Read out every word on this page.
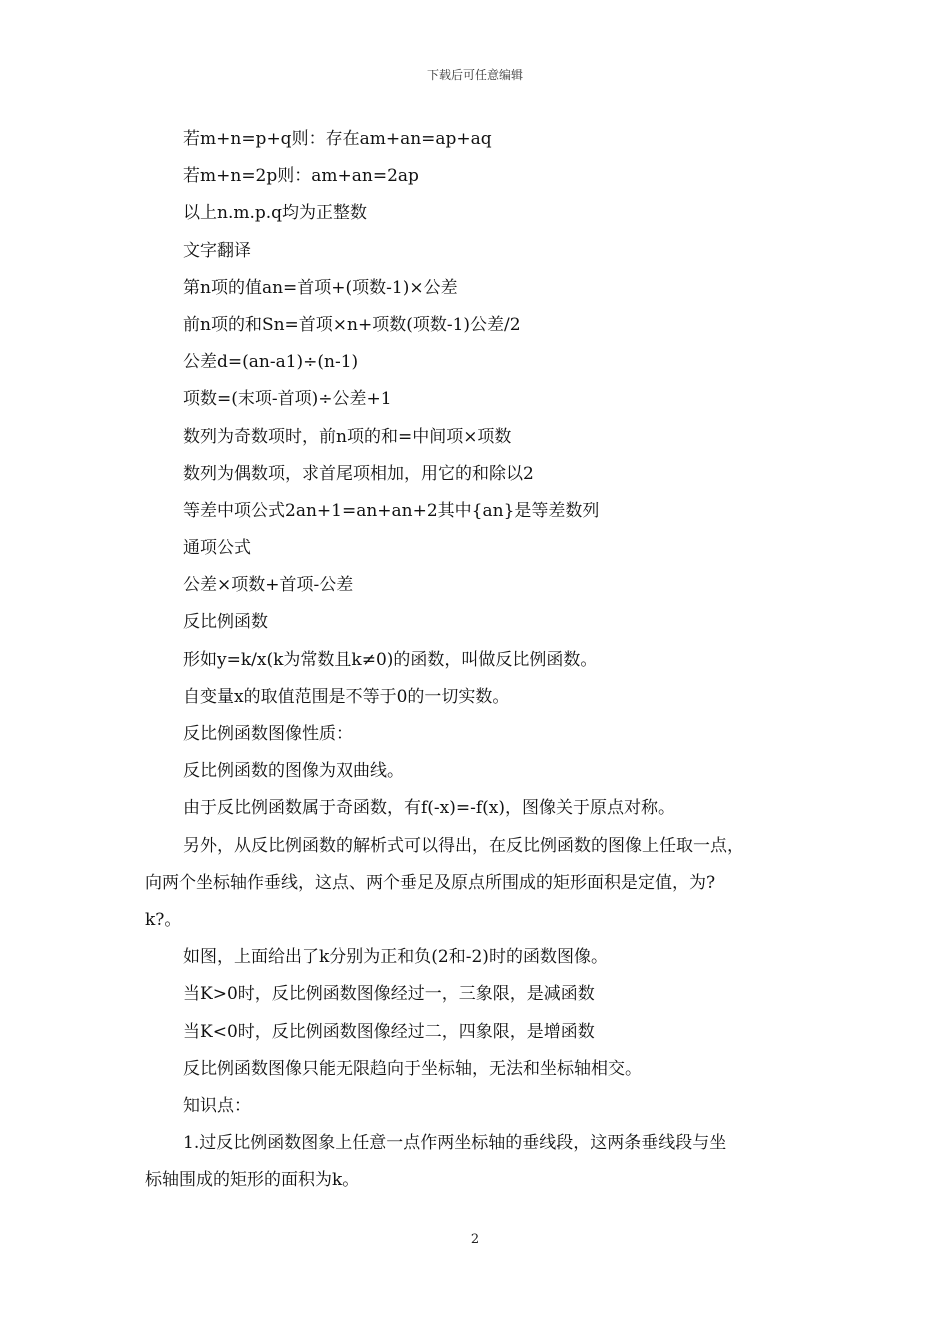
下载后可任意编辑
若m+n=p+q则：存在am+an=ap+aq
若m+n=2p则：am+an=2ap
以上n.m.p.q均为正整数
文字翻译
第n项的值an=首项+(项数-1)×公差
前n项的和Sn=首项×n+项数(项数-1)公差/2
公差d=(an-a1)÷(n-1)
项数=(末项-首项)÷公差+1
数列为奇数项时，前n项的和=中间项×项数
数列为偶数项，求首尾项相加，用它的和除以2
等差中项公式2an+1=an+an+2其中{an}是等差数列
通项公式
公差×项数+首项-公差
反比例函数
形如y=k/x(k为常数且k≠0)的函数，叫做反比例函数。
自变量x的取值范围是不等于0的一切实数。
反比例函数图像性质：
反比例函数的图像为双曲线。
由于反比例函数属于奇函数，有f(-x)=-f(x)，图像关于原点对称。
另外，从反比例函数的解析式可以得出，在反比例函数的图像上任取一点，
向两个坐标轴作垂线，这点、两个垂足及原点所围成的矩形面积是定值，为?
k?。
如图，上面给出了k分别为正和负(2和-2)时的函数图像。
当K>0时，反比例函数图像经过一，三象限，是减函数
当K<0时，反比例函数图像经过二，四象限，是增函数
反比例函数图像只能无限趋向于坐标轴，无法和坐标轴相交。
知识点：
1.过反比例函数图象上任意一点作两坐标轴的垂线段，这两条垂线段与坐
标轴围成的矩形的面积为k。
2
